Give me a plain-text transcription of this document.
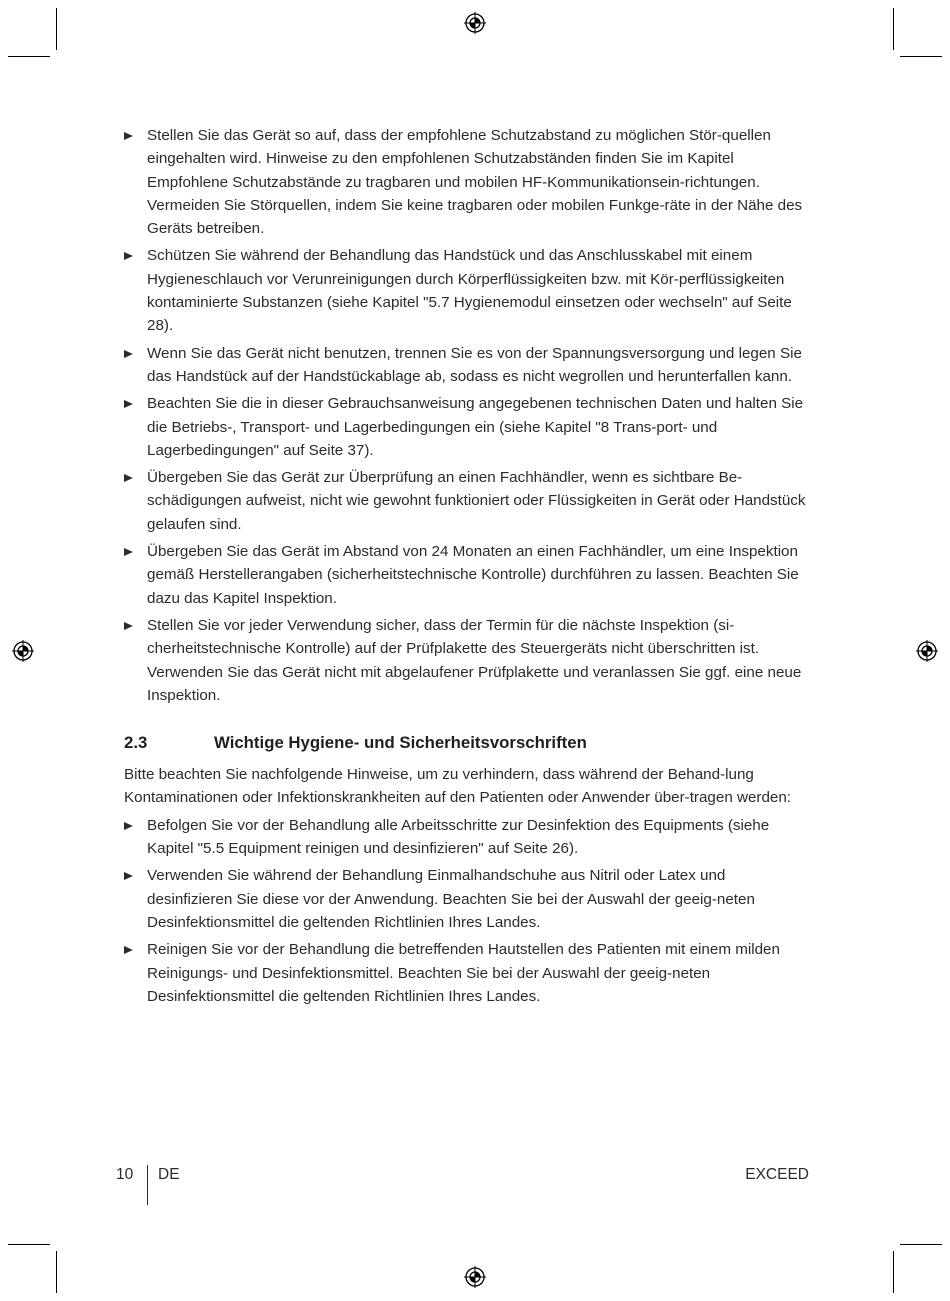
Stellen Sie das Gerät so auf, dass der empfohlene Schutzabstand zu möglichen Stör-quellen eingehalten wird. Hinweise zu den empfohlenen Schutzabständen finden Sie im Kapitel Empfohlene Schutzabstände zu tragbaren und mobilen HF-Kommunikationsein-richtungen. Vermeiden Sie Störquellen, indem Sie keine tragbaren oder mobilen Funkge-räte in der Nähe des Geräts betreiben.
Schützen Sie während der Behandlung das Handstück und das Anschlusskabel mit einem Hygieneschlauch vor Verunreinigungen durch Körperflüssigkeiten bzw. mit Kör-perflüssigkeiten kontaminierte Substanzen (siehe Kapitel "5.7 Hygienemodul einsetzen oder wechseln" auf Seite 28).
Wenn Sie das Gerät nicht benutzen, trennen Sie es von der Spannungsversorgung und legen Sie das Handstück auf der Handstückablage ab, sodass es nicht wegrollen und herunterfallen kann.
Beachten Sie die in dieser Gebrauchsanweisung angegebenen technischen Daten und halten Sie die Betriebs-, Transport- und Lagerbedingungen ein (siehe Kapitel "8 Trans-port- und Lagerbedingungen" auf Seite 37).
Übergeben Sie das Gerät zur Überprüfung an einen Fachhändler, wenn es sichtbare Be-schädigungen aufweist, nicht wie gewohnt funktioniert oder Flüssigkeiten in Gerät oder Handstück gelaufen sind.
Übergeben Sie das Gerät im Abstand von 24 Monaten an einen Fachhändler, um eine Inspektion gemäß Herstellerangaben (sicherheitstechnische Kontrolle) durchführen zu lassen. Beachten Sie dazu das Kapitel Inspektion.
Stellen Sie vor jeder Verwendung sicher, dass der Termin für die nächste Inspektion (si-cherheitstechnische Kontrolle) auf der Prüfplakette des Steuergeräts nicht überschritten ist. Verwenden Sie das Gerät nicht mit abgelaufener Prüfplakette und veranlassen Sie ggf. eine neue Inspektion.
2.3	Wichtige Hygiene- und Sicherheitsvorschriften

Bitte beachten Sie nachfolgende Hinweise, um zu verhindern, dass während der Behand-lung Kontaminationen oder Infektionskrankheiten auf den Patienten oder Anwender über-tragen werden:

Befolgen Sie vor der Behandlung alle Arbeitsschritte zur Desinfektion des Equipments (siehe Kapitel "5.5 Equipment reinigen und desinfizieren" auf Seite 26).
Verwenden Sie während der Behandlung Einmalhandschuhe aus Nitril oder Latex und desinfizieren Sie diese vor der Anwendung. Beachten Sie bei der Auswahl der geeig-neten Desinfektionsmittel die geltenden Richtlinien Ihres Landes.
Reinigen Sie vor der Behandlung die betreffenden Hautstellen des Patienten mit einem milden Reinigungs- und Desinfektionsmittel. Beachten Sie bei der Auswahl der geeig-neten Desinfektionsmittel die geltenden Richtlinien Ihres Landes.
10 DE	EXCEED
